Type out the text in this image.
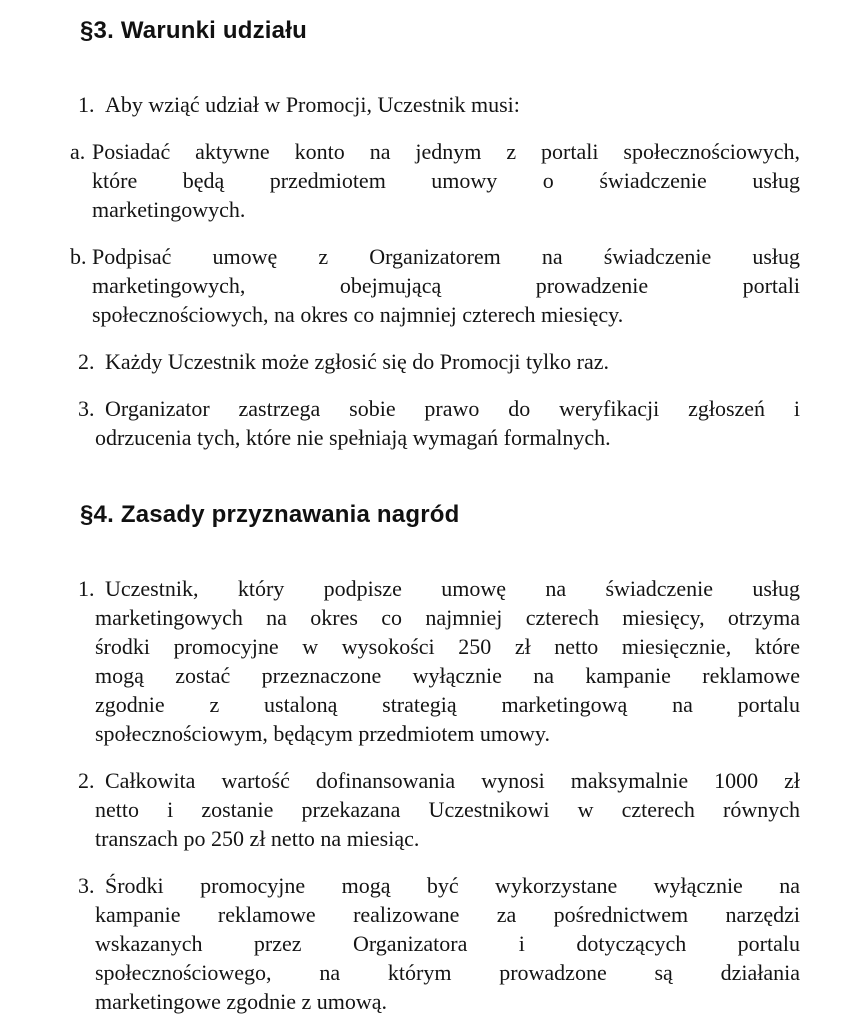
§3. Warunki udziału
1. Aby wziąć udział w Promocji, Uczestnik musi:
a. Posiadać aktywne konto na jednym z portali społecznościowych,
które będą przedmiotem umowy o świadczenie usług
marketingowych.
b. Podpisać umowę z Organizatorem na świadczenie usług
marketingowych, obejmującą prowadzenie portali
społecznościowych, na okres co najmniej czterech miesięcy.
2. Każdy Uczestnik może zgłosić się do Promocji tylko raz.
3. Organizator zastrzega sobie prawo do weryfikacji zgłoszeń i
odrzucenia tych, które nie spełniają wymagań formalnych.
§4. Zasady przyznawania nagród
1. Uczestnik, który podpisze umowę na świadczenie usług
marketingowych na okres co najmniej czterech miesięcy, otrzyma
środki promocyjne w wysokości 250 zł netto miesięcznie, które
mogą zostać przeznaczone wyłącznie na kampanie reklamowe
zgodnie z ustaloną strategią marketingową na portalu
społecznościowym, będącym przedmiotem umowy.
2. Całkowita wartość dofinansowania wynosi maksymalnie 1000 zł
netto i zostanie przekazana Uczestnikowi w czterech równych
transzach po 250 zł netto na miesiąc.
3. Środki promocyjne mogą być wykorzystane wyłącznie na
kampanie reklamowe realizowane za pośrednictwem narzędzi
wskazanych przez Organizatora i dotyczących portalu
społecznościowego, na którym prowadzone są działania
marketingowe zgodnie z umową.
